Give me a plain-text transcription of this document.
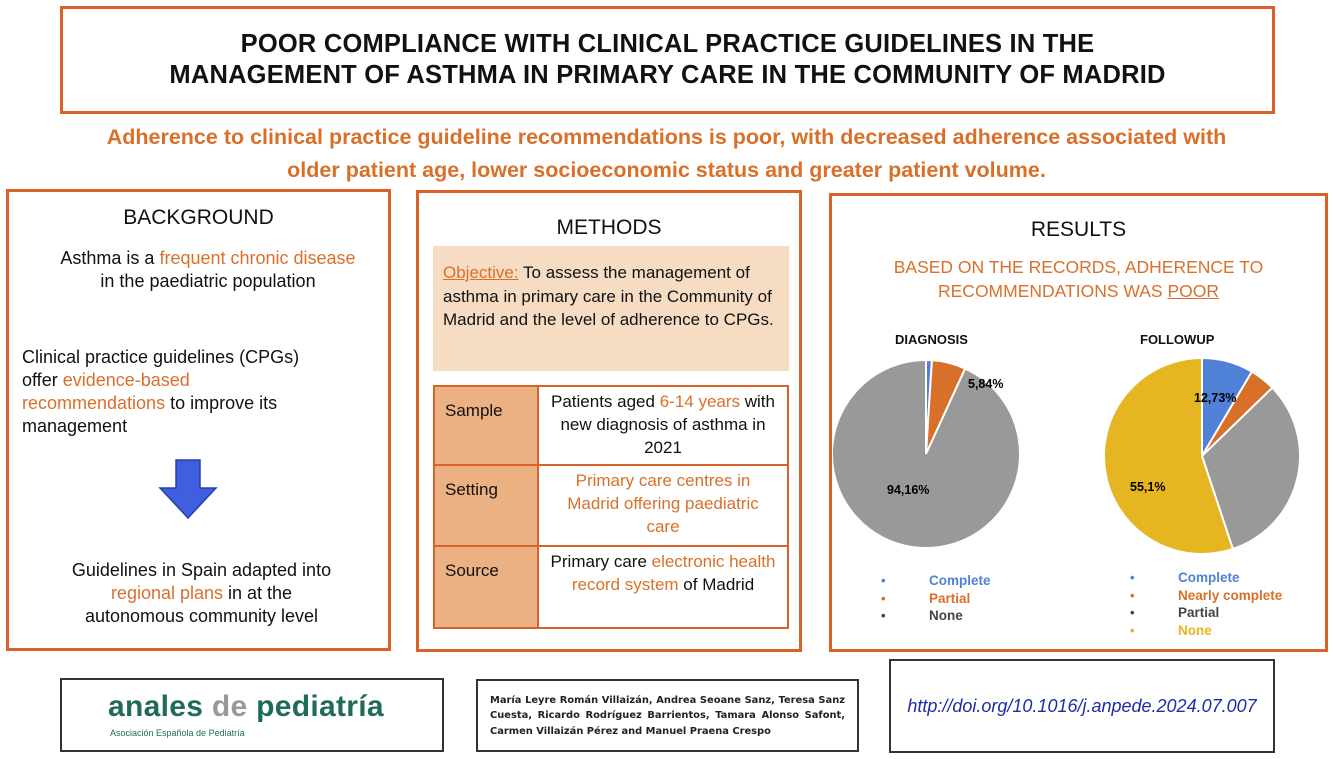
POOR COMPLIANCE WITH CLINICAL PRACTICE GUIDELINES IN THE
MANAGEMENT OF ASTHMA IN PRIMARY CARE IN THE COMMUNITY OF MADRID
Adherence to clinical practice guideline recommendations is poor, with decreased adherence associated with
older patient age, lower socioeconomic status and greater patient volume.
BACKGROUND
Asthma is a frequent chronic disease
in the paediatric population
Clinical practice guidelines (CPGs)
offer evidence-based
recommendations to improve its
management
Guidelines in Spain adapted into
regional plans in at the
autonomous community level
METHODS
Objective: To assess the management of asthma in primary care in the Community of Madrid and the level of adherence to CPGs.
Sample	Patients aged 6-14 years with new diagnosis of asthma in 2021
Setting	Primary care centres in Madrid offering paediatric care
Source	Primary care electronic health record system of Madrid
RESULTS
BASED ON THE RECORDS, ADHERENCE TO
RECOMMENDATIONS WAS POOR
DIAGNOSIS	FOLLOWUP
5,84%
94,16%
12,73%
55,1%
•	Complete
•	Partial
•	None
•	Complete
•	Nearly complete
•	Partial
•	None
anales de pediatría
Asociación Española de Pediatría
María Leyre Román Villaizán, Andrea Seoane Sanz, Teresa Sanz Cuesta, Ricardo Rodríguez Barrientos, Tamara Alonso Safont, Carmen Villaizán Pérez and Manuel Praena Crespo
http://doi.org/10.1016/j.anpede.2024.07.007
